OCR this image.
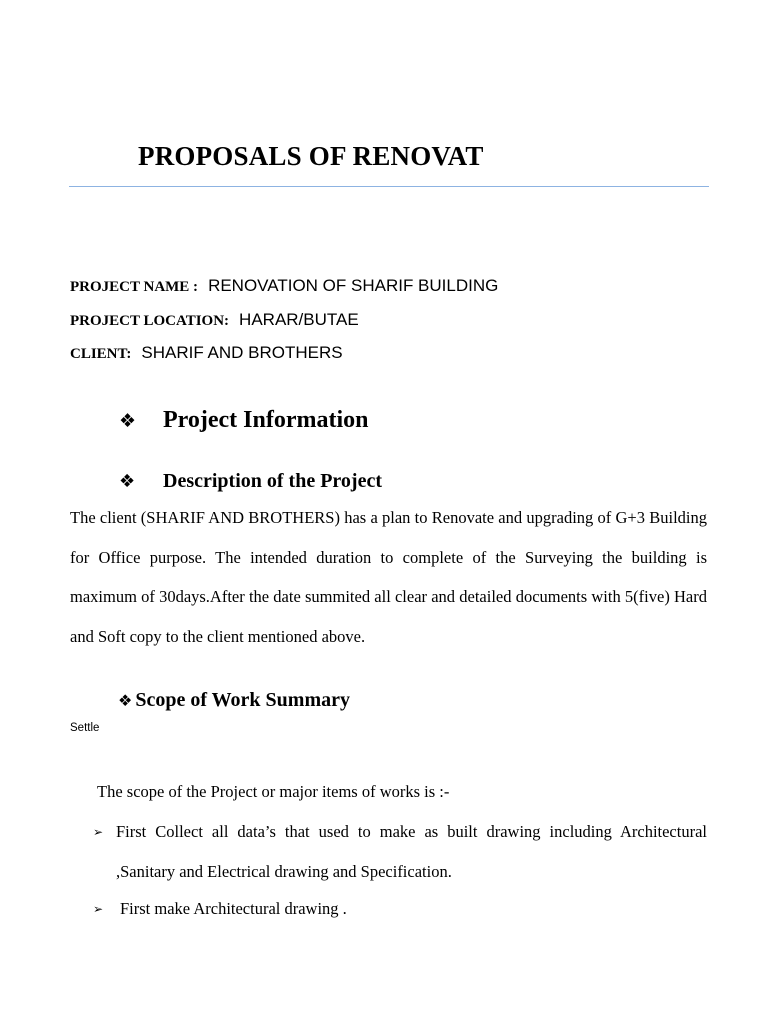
PROPOSALS OF RENOVAT
PROJECT NAME : RENOVATION OF SHARIF BUILDING
PROJECT LOCATION: HARAR/BUTAE
CLIENT: SHARIF AND BROTHERS
❖ Project Information
❖ Description of the Project
The client (SHARIF AND BROTHERS) has a plan to Renovate and upgrading of G+3 Building for Office purpose. The intended duration to complete of the Surveying the building is maximum of 30days.After the date summited all clear and detailed documents with 5(five) Hard and Soft copy to the client mentioned above.
❖ Scope of Work Summary
Settle
The scope of the Project or major items of works is :-
➢ First Collect all data’s that used to make as built drawing including Architectural ,Sanitary and Electrical drawing and Specification.
➢ First make Architectural drawing .
